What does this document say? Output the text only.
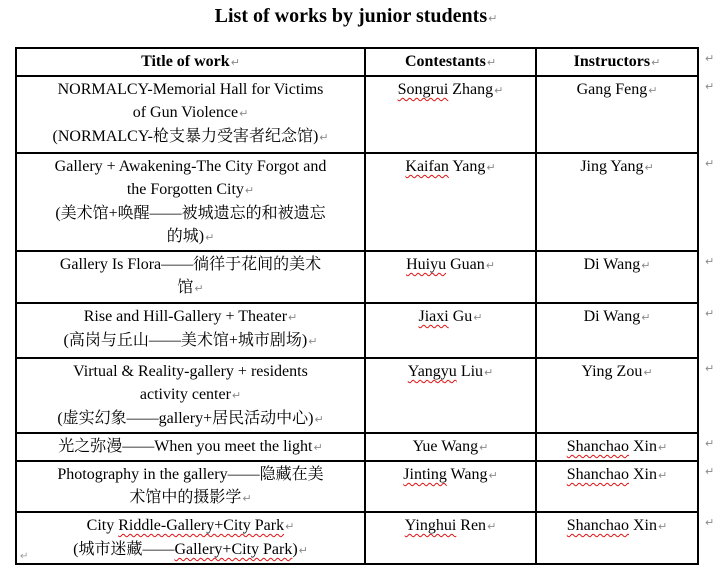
List of works by junior students↵
Title of work↵	Contestants↵	Instructors↵

NORMALCY-Memorial Hall for Victims
of Gun Violence↵
(NORMALCY-枪支暴力受害者纪念馆)↵	Songrui Zhang↵	Gang Feng↵

Gallery + Awakening-The City Forgot and
the Forgotten City↵
(美术馆+唤醒——被城遗忘的和被遗忘
的城)↵	Kaifan Yang↵	Jing Yang↵

Gallery Is Flora——徜徉于花间的美术
馆↵	Huiyu Guan↵	Di Wang↵

Rise and Hill-Gallery + Theater↵
(高岗与丘山——美术馆+城市剧场)↵	Jiaxi Gu↵	Di Wang↵

Virtual & Reality-gallery + residents
activity center↵
(虚实幻象——gallery+居民活动中心)↵	Yangyu Liu↵	Ying Zou↵

光之弥漫——When you meet the light↵	Yue Wang↵	Shanchao Xin↵

Photography in the gallery——隐藏在美
术馆中的摄影学↵	Jinting Wang↵	Shanchao Xin↵

City Riddle-Gallery+City Park↵
(城市迷藏——Gallery+City Park)↵	Yinghui Ren↵	Shanchao Xin↵
↵
↵
↵
↵
↵
↵
↵
↵
↵
↵
